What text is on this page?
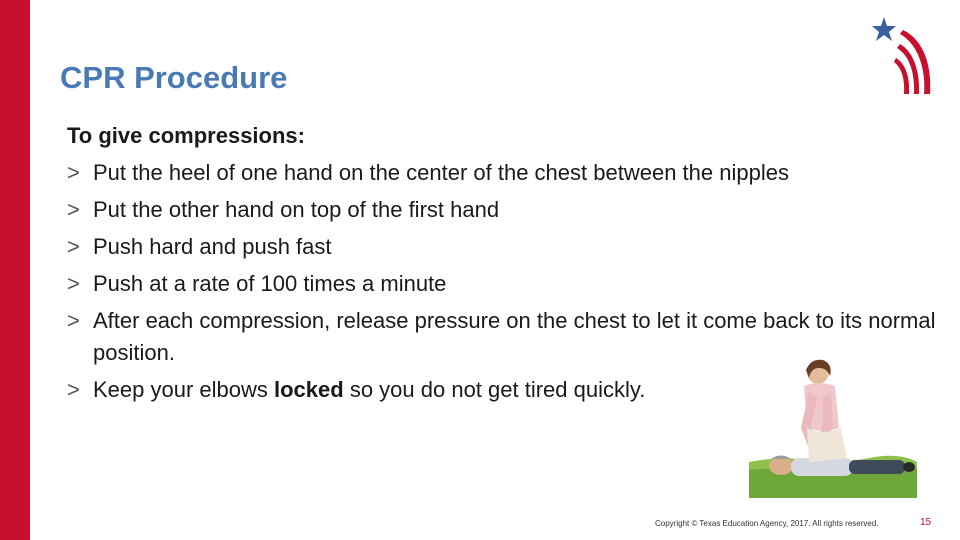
CPR Procedure
To give compressions:
> Put the heel of one hand on the center of the chest between the nipples
> Put the other hand on top of the first hand
> Push hard and push fast
> Push at a rate of 100 times a minute
> After each compression, release pressure on the chest to let it come back to its normal position.
> Keep your elbows locked so you do not get tired quickly.
Copyright © Texas Education Agency, 2017. All rights reserved.	15
